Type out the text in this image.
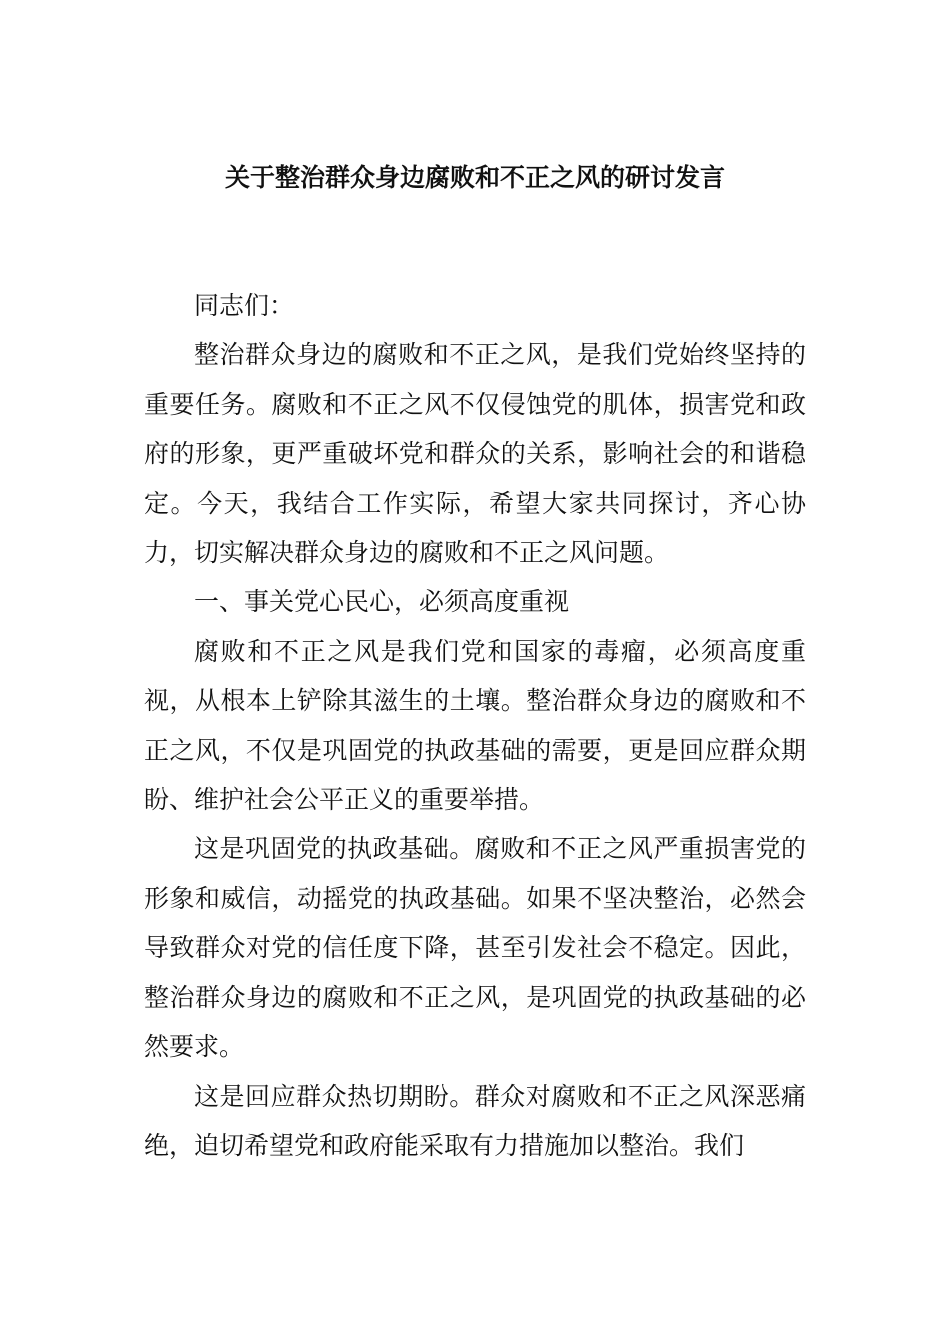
关于整治群众身边腐败和不正之风的研讨发言

同志们：

整治群众身边的腐败和不正之风，是我们党始终坚持的重要任务。腐败和不正之风不仅侵蚀党的肌体，损害党和政府的形象，更严重破坏党和群众的关系，影响社会的和谐稳定。今天，我结合工作实际，希望大家共同探讨，齐心协力，切实解决群众身边的腐败和不正之风问题。

一、事关党心民心，必须高度重视

腐败和不正之风是我们党和国家的毒瘤，必须高度重视，从根本上铲除其滋生的土壤。整治群众身边的腐败和不正之风，不仅是巩固党的执政基础的需要，更是回应群众期盼、维护社会公平正义的重要举措。

这是巩固党的执政基础。腐败和不正之风严重损害党的形象和威信，动摇党的执政基础。如果不坚决整治，必然会导致群众对党的信任度下降，甚至引发社会不稳定。因此，整治群众身边的腐败和不正之风，是巩固党的执政基础的必然要求。

这是回应群众热切期盼。群众对腐败和不正之风深恶痛绝，迫切希望党和政府能采取有力措施加以整治。我们
